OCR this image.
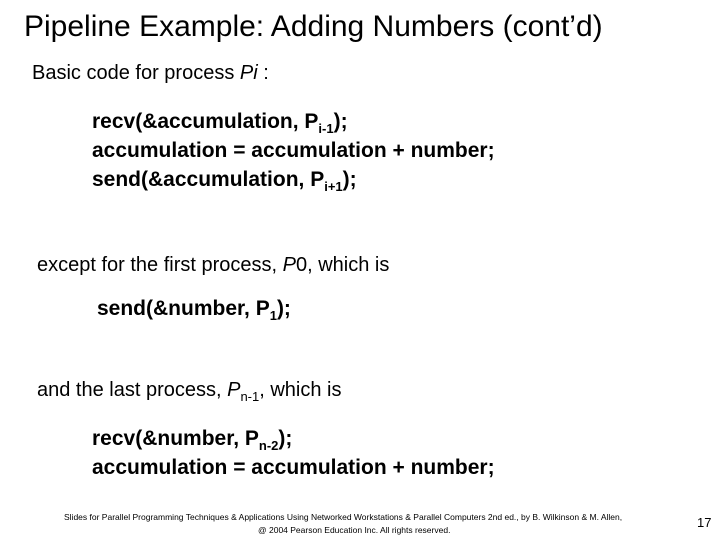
Pipeline Example: Adding Numbers (cont’d)
Basic code for process Pi :
recv(&accumulation, $P_{i-1}$);
accumulation = accumulation + number;
send(&accumulation, $P_{i+1}$);
except for the first process, P0, which is
send(&number, $P_1$);
and the last process, $P_{n-1}$, which is
recv(&number, $P_{n-2}$);
accumulation = accumulation + number;
Slides for Parallel Programming Techniques & Applications Using Networked Workstations & Parallel Computers 2nd ed., by B. Wilkinson & M. Allen,
@ 2004 Pearson Education Inc. All rights reserved.	17
